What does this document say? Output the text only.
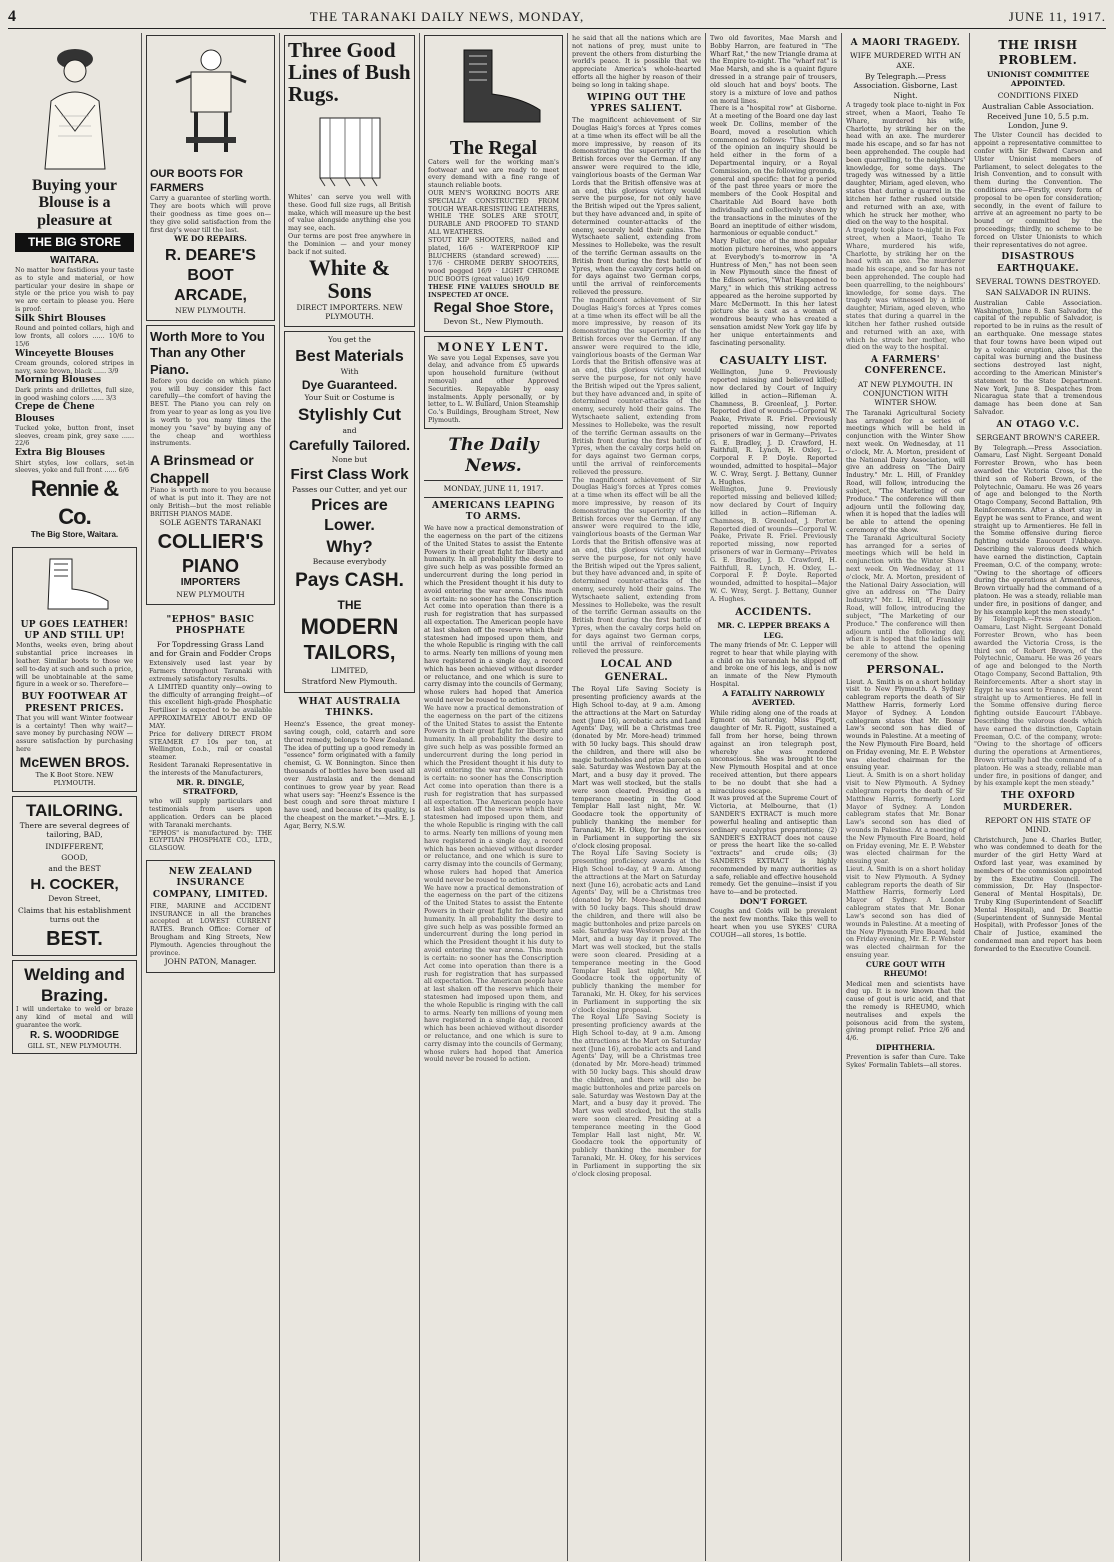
4	THE TARANAKI DAILY NEWS, MONDAY,	JUNE 11, 1917.
Buying your Blouse is a pleasure at
THE BIG STORE
WAITARA.
No matter how fastidious your taste as to style and material, or how particular your desire in shape or style or the price you wish to pay we are certain to please you. Here is proof:
Silk Shirt Blouses
Round and pointed collars, high and low fronts, all colors ...... 10/6 to 15/6
Winceyette Blouses
Cream grounds, colored stripes in navy, saxe brown, black ...... 3/9
Morning Blouses
Dark prints and drillettes, full size, in good washing colors ...... 3/3
Crepe de Chene Blouses
Tucked yoke, button front, inset sleeves, cream pink, grey saxe ...... 22/6
Extra Big Blouses
Shirt styles, low collars, set-in sleeves, yoke and full front ...... 6/6
Rennie & Co.
The Big Store, Waitara.
UP GOES LEATHER! UP AND STILL UP!
Months, weeks even, bring about substantial price increases in leather. Similar boots to those we sell to-day at such and such a price, will be unobtainable at the same figure in a week or so. Therefore—
BUY FOOTWEAR AT PRESENT PRICES.
That you will want Winter footwear is a certainty! Then why wait?—save money by purchasing NOW — assure satisfaction by purchasing here
McEWEN BROS.
The K Boot Store. NEW PLYMOUTH.
TAILORING.
There are several degrees of tailoring, BAD,
INDIFFERENT,
GOOD,
and the BEST
H. COCKER,
Devon Street,
Claims that his establishment turns out the
BEST.
Welding and Brazing.
I will undertake to weld or braze any kind of metal and will guarantee the work.
R. S. WOODRIDGE
GILL ST., NEW PLYMOUTH.
OUR BOOTS FOR FARMERS
Carry a guarantee of sterling worth. They are boots which will prove their goodness as time goes on—they give solid satisfaction from the first day's wear till the last.
WE DO REPAIRS.
R. DEARE'S
BOOT ARCADE,
NEW PLYMOUTH.
Worth More to You Than any Other Piano.
Before you decide on which piano you will buy consider this fact carefully—the comfort of having the BEST. The Piano you can rely on from year to year as long as you live is worth to you many times the money you "save" by buying any of the cheap and worthless instruments.
A Brinsmead or Chappell
Piano is worth more to you because of what is put into it. They are not only British—but the most reliable BRITISH PIANOS MADE.
SOLE AGENTS TARANAKI
COLLIER'S
PIANO
IMPORTERS
NEW PLYMOUTH
"EPHOS" BASIC PHOSPHATE
For Topdressing Grass Land and for Grain and Fodder Crops
Extensively used last year by Farmers throughout Taranaki with extremely satisfactory results.
A LIMITED quantity only—owing to the difficulty of arranging freight—of this excellent high-grade Phosphatic Fertiliser is expected to be available APPROXIMATELY ABOUT END OF MAY.
Price for delivery DIRECT FROM STEAMER £7 10s per ton, at Wellington, f.o.b., rail or coastal steamer.
Resident Taranaki Representative in the interests of the Manufacturers,
MR. R. DINGLE, STRATFORD,
who will supply particulars and testimonials from users upon application. Orders can be placed with Taranaki merchants.
"EPHOS" is manufactured by: THE EGYPTIAN PHOSPHATE CO., LTD., GLASGOW.
NEW ZEALAND INSURANCE COMPANY, LIMITED.
FIRE, MARINE and ACCIDENT INSURANCE in all the branches accepted at LOWEST CURRENT RATES. Branch Office: Corner of Brougham and King Streets, New Plymouth. Agencies throughout the province.
JOHN PATON, Manager.
Three Good Lines of Bush Rugs.
Whites' can serve you well with these. Good full size rugs, all British make, which will measure up the best of value alongside anything else you may see, each.
Our terms are post free anywhere in the Dominion — and your money back if not suited.
White & Sons
DIRECT IMPORTERS. NEW PLYMOUTH.
You get the
Best Materials
With
Dye Guaranteed.
Your Suit or Costume is
Stylishly Cut
and
Carefully Tailored.
None but
First Class Work
Passes our Cutter, and yet our
Prices are Lower.
Why?
Because everybody
Pays CASH.
THE
MODERN
TAILORS,
LIMITED,
Stratford New Plymouth.
WHAT AUSTRALIA THINKS.
Heenz's Essence, the great money-saving cough, cold, catarrh and sore throat remedy, belongs to New Zealand. The idea of putting up a good remedy in "essence" form originated with a family chemist, G. W. Bonnington. Since then thousands of bottles have been used all over Australasia and the demand continues to grow year by year. Read what users say: "Heenz's Essence is the best cough and sore throat mixture I have used, and because of its quality, is the cheapest on the market."—Mrs. E. J. Agar, Berry, N.S.W.
The Regal
Caters well for the working man's footwear and we are ready to meet every demand with a fine range of staunch reliable boots.
OUR MEN'S WORKING BOOTS ARE SPECIALLY CONSTRUCTED FROM TOUGH WEAR-RESISTING LEATHERS, WHILE THE SOLES ARE STOUT, DURABLE AND PROOFED TO STAND ALL WEATHERS.
STOUT KIP SHOOTERS, nailed and plated, 16/6 · WATERPROOF KIP BLUCHERS (standard screwed) ...... 17/6 · CHROME DERBY SHOOTERS, wood pegged 16/9 · LIGHT CHROME DUC BOOTS (great value) 16/9
THESE FINE VALUES SHOULD BE INSPECTED AT ONCE.
Regal Shoe Store,
Devon St., New Plymouth.
MONEY LENT.
We save you Legal Expenses, save you delay, and advance from £5 upwards upon household furniture (without removal) and other Approved Securities. Repayable by easy instalments. Apply personally, or by letter, to L. W. Bullard, Union Steamship Co.'s Buildings, Brougham Street, New Plymouth.
The Daily News.
MONDAY, JUNE 11, 1917.
AMERICANS LEAPING TO ARMS.
We have now a practical demonstration of the eagerness on the part of the citizens of the United States to assist the Entente Powers in their great fight for liberty and humanity. In all probability the desire to give such help as was possible formed an undercurrent during the long period in which the President thought it his duty to avoid entering the war arena. This much is certain: no sooner has the Conscription Act come into operation than there is a rush for registration that has surpassed all expectation. The American people have at last shaken off the reserve which their statesmen had imposed upon them, and the whole Republic is ringing with the call to arms. Nearly ten millions of young men have registered in a single day, a record which has been achieved without disorder or reluctance, and one which is sure to carry dismay into the councils of Germany, whose rulers had hoped that America would never be roused to action.
We have now a practical demonstration of the eagerness on the part of the citizens of the United States to assist the Entente Powers in their great fight for liberty and humanity. In all probability the desire to give such help as was possible formed an undercurrent during the long period in which the President thought it his duty to avoid entering the war arena. This much is certain: no sooner has the Conscription Act come into operation than there is a rush for registration that has surpassed all expectation. The American people have at last shaken off the reserve which their statesmen had imposed upon them, and the whole Republic is ringing with the call to arms. Nearly ten millions of young men have registered in a single day, a record which has been achieved without disorder or reluctance, and one which is sure to carry dismay into the councils of Germany, whose rulers had hoped that America would never be roused to action.
We have now a practical demonstration of the eagerness on the part of the citizens of the United States to assist the Entente Powers in their great fight for liberty and humanity. In all probability the desire to give such help as was possible formed an undercurrent during the long period in which the President thought it his duty to avoid entering the war arena. This much is certain: no sooner has the Conscription Act come into operation than there is a rush for registration that has surpassed all expectation. The American people have at last shaken off the reserve which their statesmen had imposed upon them, and the whole Republic is ringing with the call to arms. Nearly ten millions of young men have registered in a single day, a record which has been achieved without disorder or reluctance, and one which is sure to carry dismay into the councils of Germany, whose rulers had hoped that America would never be roused to action.
he said that all the nations which are not nations of prey, must unite to prevent the others from disturbing the world's peace. It is possible that we appreciate America's whole-hearted efforts all the higher by reason of their being so long in taking shape.
WIPING OUT THE YPRES SALIENT.
The magnificent achievement of Sir Douglas Haig's forces at Ypres comes at a time when its effect will be all the more impressive, by reason of its demonstrating the superiority of the British forces over the German. If any answer were required to the idle, vainglorious boasts of the German War Lords that the British offensive was at an end, this glorious victory would serve the purpose, for not only have the British wiped out the Ypres salient, but they have advanced and, in spite of determined counter-attacks of the enemy, securely hold their gains. The Wytschaete salient, extending from Messines to Hollebeke, was the result of the terrific German assaults on the British front during the first battle of Ypres, when the cavalry corps held on for days against two German corps, until the arrival of reinforcements relieved the pressure.
The magnificent achievement of Sir Douglas Haig's forces at Ypres comes at a time when its effect will be all the more impressive, by reason of its demonstrating the superiority of the British forces over the German. If any answer were required to the idle, vainglorious boasts of the German War Lords that the British offensive was at an end, this glorious victory would serve the purpose, for not only have the British wiped out the Ypres salient, but they have advanced and, in spite of determined counter-attacks of the enemy, securely hold their gains. The Wytschaete salient, extending from Messines to Hollebeke, was the result of the terrific German assaults on the British front during the first battle of Ypres, when the cavalry corps held on for days against two German corps, until the arrival of reinforcements relieved the pressure.
The magnificent achievement of Sir Douglas Haig's forces at Ypres comes at a time when its effect will be all the more impressive, by reason of its demonstrating the superiority of the British forces over the German. If any answer were required to the idle, vainglorious boasts of the German War Lords that the British offensive was at an end, this glorious victory would serve the purpose, for not only have the British wiped out the Ypres salient, but they have advanced and, in spite of determined counter-attacks of the enemy, securely hold their gains. The Wytschaete salient, extending from Messines to Hollebeke, was the result of the terrific German assaults on the British front during the first battle of Ypres, when the cavalry corps held on for days against two German corps, until the arrival of reinforcements relieved the pressure.
LOCAL AND GENERAL.
The Royal Life Saving Society is presenting proficiency awards at the High School to-day, at 9 a.m. Among the attractions at the Mart on Saturday next (June 16), acrobatic acts and Land Agents' Day, will be a Christmas tree (donated by Mr. More-head) trimmed with 50 lucky bags. This should draw the children, and there will also be magic buttonholes and prize parcels on sale. Saturday was Westown Day at the Mart, and a busy day it proved. The Mart was well stocked, but the stalls were soon cleared. Presiding at a temperance meeting in the Good Templar Hall last night, Mr. W. Goodacre took the opportunity of publicly thanking the member for Taranaki, Mr. H. Okey, for his services in Parliament in supporting the six o'clock closing proposal.
The Royal Life Saving Society is presenting proficiency awards at the High School to-day, at 9 a.m. Among the attractions at the Mart on Saturday next (June 16), acrobatic acts and Land Agents' Day, will be a Christmas tree (donated by Mr. More-head) trimmed with 50 lucky bags. This should draw the children, and there will also be magic buttonholes and prize parcels on sale. Saturday was Westown Day at the Mart, and a busy day it proved. The Mart was well stocked, but the stalls were soon cleared. Presiding at a temperance meeting in the Good Templar Hall last night, Mr. W. Goodacre took the opportunity of publicly thanking the member for Taranaki, Mr. H. Okey, for his services in Parliament in supporting the six o'clock closing proposal.
The Royal Life Saving Society is presenting proficiency awards at the High School to-day, at 9 a.m. Among the attractions at the Mart on Saturday next (June 16), acrobatic acts and Land Agents' Day, will be a Christmas tree (donated by Mr. More-head) trimmed with 50 lucky bags. This should draw the children, and there will also be magic buttonholes and prize parcels on sale. Saturday was Westown Day at the Mart, and a busy day it proved. The Mart was well stocked, but the stalls were soon cleared. Presiding at a temperance meeting in the Good Templar Hall last night, Mr. W. Goodacre took the opportunity of publicly thanking the member for Taranaki, Mr. H. Okey, for his services in Parliament in supporting the six o'clock closing proposal.
Two old favorites, Mae Marsh and Bobby Harron, are featured in "The Wharf Rat," the new Triangle drama at the Empire to-night. The "wharf rat" is Mae Marsh, and she is a quaint figure dressed in a strange pair of trousers, old slouch hat and boys' boots. The story is a mixture of love and pathos on moral lines.
There is a "hospital row" at Gisborne. At a meeting of the Board one day last week Dr. Collins, member of the Board, moved a resolution which commenced as follows: "This Board is of the opinion an inquiry should be held either in the form of a Departmental inquiry, or a Royal Commission, on the following grounds, general and specific: that for a period of the past three years or more the members of the Cook Hospital and Charitable Aid Board have both individually and collectively shown by the transactions in the minutes of the Board an ineptitude of either wisdom, harmonious or equable conduct."
Mary Fuller, one of the most popular motion picture heroines, who appears at Everybody's to-morrow in "A Huntress of Men," has not been seen in New Plymouth since the finest of the Edison series, "What Happened to Mary," in which this striking actress appeared as the heroine supported by Marc McDermott. In this her latest picture she is cast as a woman of wondrous beauty who has created a sensation amidst New York gay life by her unique entertainments and fascinating personality.
CASUALTY LIST.
Wellington, June 9. Previously reported missing and believed killed; now declared by Court of Inquiry killed in action—Rifleman A. Chamness, B. Greenleaf, J. Porter. Reported died of wounds—Corporal W. Peake, Private R. Friel. Previously reported missing, now reported prisoners of war in Germany—Privates G. E. Bradley, J. D. Crawford, H. Faithfull, R. Lynch, H. Oxley, L.-Corporal F. P. Doyle. Reported wounded, admitted to hospital—Major W. C. Wray, Sergt. J. Bettany, Gunner A. Hughes.
Wellington, June 9. Previously reported missing and believed killed; now declared by Court of Inquiry killed in action—Rifleman A. Chamness, B. Greenleaf, J. Porter. Reported died of wounds—Corporal W. Peake, Private R. Friel. Previously reported missing, now reported prisoners of war in Germany—Privates G. E. Bradley, J. D. Crawford, H. Faithfull, R. Lynch, H. Oxley, L.-Corporal F. P. Doyle. Reported wounded, admitted to hospital—Major W. C. Wray, Sergt. J. Bettany, Gunner A. Hughes.
ACCIDENTS.
MR. C. LEPPER BREAKS A LEG.
The many friends of Mr. C. Lepper will regret to hear that while playing with a child on his verandah he slipped off and broke one of his legs, and is now an inmate of the New Plymouth Hospital.
A FATALITY NARROWLY AVERTED.
While riding along one of the roads at Egmont on Saturday, Miss Pigott, daughter of Mr. R. Pigott, sustained a fall from her horse, being thrown against an iron telegraph post, whereby she was rendered unconscious. She was brought to the New Plymouth Hospital and at once received attention, but there appears to be no doubt that she had a miraculous escape.
It was proved at the Supreme Court of Victoria, at Melbourne, that (1) SANDER'S EXTRACT is much more powerful healing and antiseptic than ordinary eucalyptus preparations; (2) SANDER'S EXTRACT does not cause or press the heart like the so-called "extracts" and crude oils; (3) SANDER'S EXTRACT is highly recommended by many authorities as a safe, reliable and effective household remedy. Get the genuine—insist if you have to—and be protected.
DON'T FORGET.
Coughs and Colds will be prevalent the next few months. Take this well to heart when you use SYKES' CURA COUGH—all stores, 1s bottle.
A MAORI TRAGEDY.
WIFE MURDERED WITH AN AXE.
By Telegraph.—Press Association. Gisborne, Last Night.
A tragedy took place to-night in Fox street, when a Maori, Teaho Te Whare, murdered his wife, Charlotte, by striking her on the head with an axe. The murderer made his escape, and so far has not been apprehended. The couple had been quarrelling, to the neighbours' knowledge, for some days. The tragedy was witnessed by a little daughter, Miriam, aged eleven, who states that during a quarrel in the kitchen her father rushed outside and returned with an axe, with which he struck her mother, who died on the way to the hospital.
A tragedy took place to-night in Fox street, when a Maori, Teaho Te Whare, murdered his wife, Charlotte, by striking her on the head with an axe. The murderer made his escape, and so far has not been apprehended. The couple had been quarrelling, to the neighbours' knowledge, for some days. The tragedy was witnessed by a little daughter, Miriam, aged eleven, who states that during a quarrel in the kitchen her father rushed outside and returned with an axe, with which he struck her mother, who died on the way to the hospital.
A FARMERS' CONFERENCE.
AT NEW PLYMOUTH. IN CONJUNCTION WITH WINTER SHOW.
The Taranaki Agricultural Society has arranged for a series of meetings which will be held in conjunction with the Winter Show next week. On Wednesday, at 11 o'clock, Mr. A. Morton, president of the National Dairy Association, will give an address on "The Dairy Industry." Mr. L. Hill, of Frankley Road, will follow, introducing the subject, "The Marketing of our Produce." The conference will then adjourn until the following day, when it is hoped that the ladies will be able to attend the opening ceremony of the show.
The Taranaki Agricultural Society has arranged for a series of meetings which will be held in conjunction with the Winter Show next week. On Wednesday, at 11 o'clock, Mr. A. Morton, president of the National Dairy Association, will give an address on "The Dairy Industry." Mr. L. Hill, of Frankley Road, will follow, introducing the subject, "The Marketing of our Produce." The conference will then adjourn until the following day, when it is hoped that the ladies will be able to attend the opening ceremony of the show.
PERSONAL.
Lieut. A. Smith is on a short holiday visit to New Plymouth. A Sydney cablegram reports the death of Sir Matthew Harris, formerly Lord Mayor of Sydney. A London cablegram states that Mr. Bonar Law's second son has died of wounds in Palestine. At a meeting of the New Plymouth Fire Board, held on Friday evening, Mr. E. P. Webster was elected chairman for the ensuing year.
Lieut. A. Smith is on a short holiday visit to New Plymouth. A Sydney cablegram reports the death of Sir Matthew Harris, formerly Lord Mayor of Sydney. A London cablegram states that Mr. Bonar Law's second son has died of wounds in Palestine. At a meeting of the New Plymouth Fire Board, held on Friday evening, Mr. E. P. Webster was elected chairman for the ensuing year.
Lieut. A. Smith is on a short holiday visit to New Plymouth. A Sydney cablegram reports the death of Sir Matthew Harris, formerly Lord Mayor of Sydney. A London cablegram states that Mr. Bonar Law's second son has died of wounds in Palestine. At a meeting of the New Plymouth Fire Board, held on Friday evening, Mr. E. P. Webster was elected chairman for the ensuing year.
CURE GOUT WITH RHEUMO!
Medical men and scientists have dug up. It is now known that the cause of gout is uric acid, and that the remedy is RHEUMO, which neutralises and expels the poisonous acid from the system, giving prompt relief. Price 2/6 and 4/6.
DIPHTHERIA.
Prevention is safer than Cure. Take Sykes' Formalin Tablets—all stores.
THE IRISH PROBLEM.
UNIONIST COMMITTEE APPOINTED.
CONDITIONS FIXED
Australian Cable Association. Received June 10, 5.5 p.m. London, June 9.
The Ulster Council has decided to appoint a representative committee to confer with Sir Edward Carson and Ulster Unionist members of Parliament, to select delegates to the Irish Convention, and to consult with them during the Convention. The conditions are—Firstly, every form of proposal to be open for consideration; secondly, in the event of failure to arrive at an agreement no party to be bound or committed by the proceedings; thirdly, no scheme to be forced on Ulster Unionists to which their representatives do not agree.
DISASTROUS EARTHQUAKE.
SEVERAL TOWNS DESTROYED.
SAN SALVADOR IN RUINS.
Australian Cable Association. Washington, June 8. San Salvador, the capital of the republic of Salvador, is reported to be in ruins as the result of an earthquake. One message states that four towns have been wiped out by a volcanic eruption, also that the capital was burning and the business sections destroyed last night, according to the American Minister's statement to the State Department. New York, June 8. Despatches from Nicaragua state that a tremendous damage has been done at San Salvador.
AN OTAGO V.C.
SERGEANT BROWN'S CAREER.
By Telegraph.—Press Association. Oamaru, Last Night. Sergeant Donald Forrester Brown, who has been awarded the Victoria Cross, is the third son of Robert Brown, of the Polytechnic, Oamaru. He was 26 years of age and belonged to the North Otago Company, Second Battalion, 9th Reinforcements. After a short stay in Egypt he was sent to France, and went straight up to Armentieres. He fell in the Somme offensive during fierce fighting outside Eaucourt l'Abbaye. Describing the valorous deeds which have earned the distinction, Captain Freeman, O.C. of the company, wrote: "Owing to the shortage of officers during the operations at Armentieres, Brown virtually had the command of a platoon. He was a steady, reliable man under fire, in positions of danger, and by his example kept the men steady."
By Telegraph.—Press Association. Oamaru, Last Night. Sergeant Donald Forrester Brown, who has been awarded the Victoria Cross, is the third son of Robert Brown, of the Polytechnic, Oamaru. He was 26 years of age and belonged to the North Otago Company, Second Battalion, 9th Reinforcements. After a short stay in Egypt he was sent to France, and went straight up to Armentieres. He fell in the Somme offensive during fierce fighting outside Eaucourt l'Abbaye. Describing the valorous deeds which have earned the distinction, Captain Freeman, O.C. of the company, wrote: "Owing to the shortage of officers during the operations at Armentieres, Brown virtually had the command of a platoon. He was a steady, reliable man under fire, in positions of danger, and by his example kept the men steady."
THE OXFORD MURDERER.
REPORT ON HIS STATE OF MIND.
Christchurch, June 4. Charles Butler, who was condemned to death for the murder of the girl Hetty Ward at Oxford last year, was examined by members of the commission appointed by the Executive Council. The commission, Dr. Hay (Inspector-General of Mental Hospitals), Dr. Truby King (Superintendent of Seacliff Mental Hospital), and Dr. Beattie (Superintendent of Sunnyside Mental Hospital), with Professor Jones of the Chair of Justice, examined the condemned man and report has been forwarded to the Executive Council.
